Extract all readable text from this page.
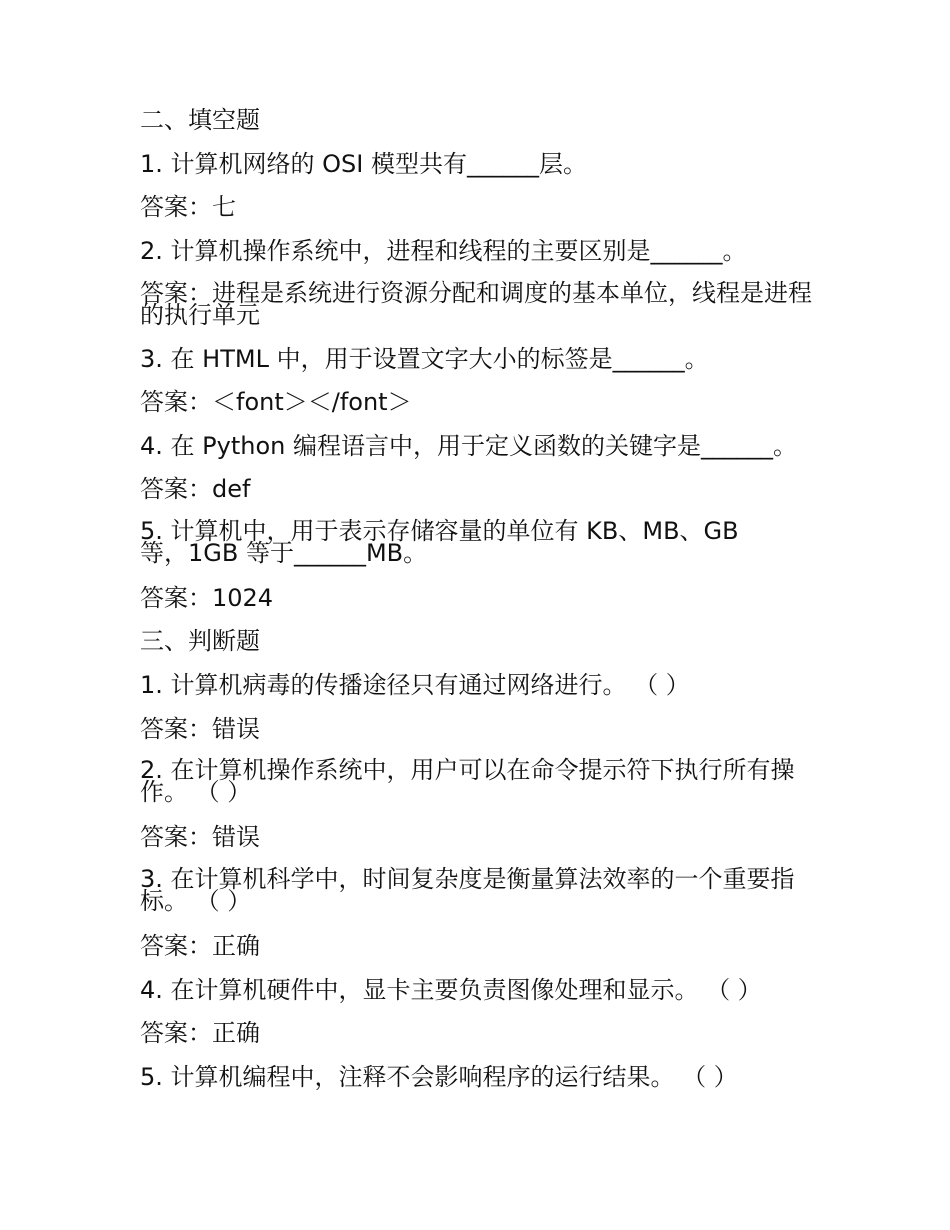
二、填空题

1. 计算机网络的 OSI 模型共有______层。

答案：七

2. 计算机操作系统中，进程和线程的主要区别是______。

答案：进程是系统进行资源分配和调度的基本单位，线程是进程的执行单元

3. 在 HTML 中，用于设置文字大小的标签是______。

答案：＜font＞＜/font＞

4. 在 Python 编程语言中，用于定义函数的关键字是______。

答案：def

5. 计算机中，用于表示存储容量的单位有 KB、MB、GB 等，1GB 等于______MB。

答案：1024

三、判断题

1. 计算机病毒的传播途径只有通过网络进行。 （ ）

答案：错误

2. 在计算机操作系统中，用户可以在命令提示符下执行所有操作。 （ ）

答案：错误

3. 在计算机科学中，时间复杂度是衡量算法效率的一个重要指标。 （ ）

答案：正确

4. 在计算机硬件中，显卡主要负责图像处理和显示。 （ ）

答案：正确

5. 计算机编程中，注释不会影响程序的运行结果。 （ ）
